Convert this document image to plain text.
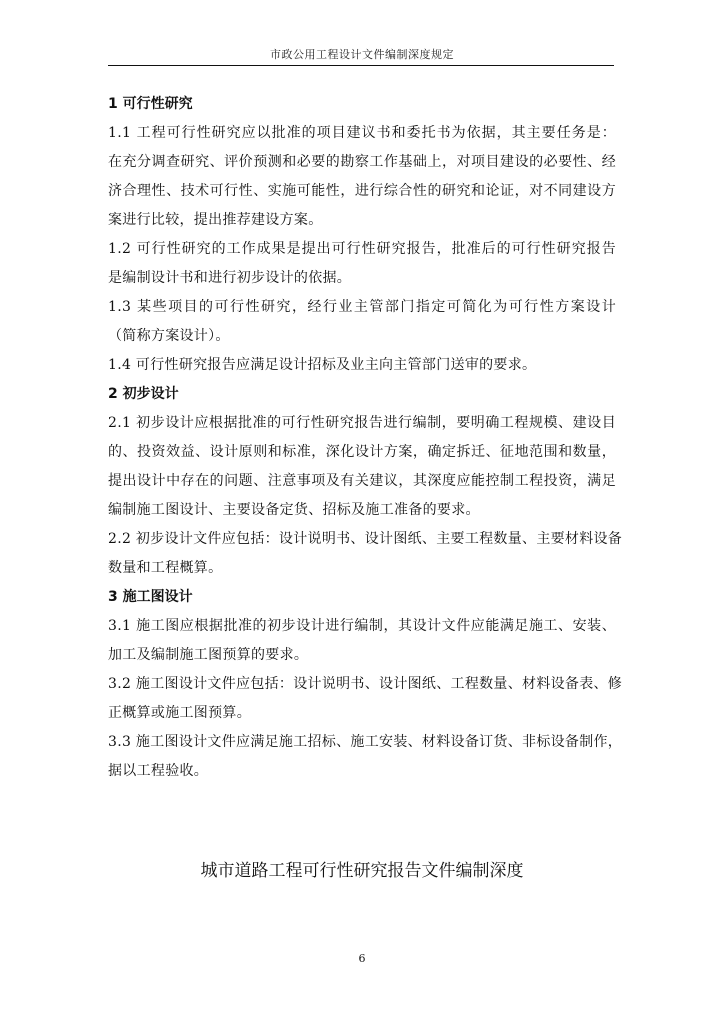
市政公用工程设计文件编制深度规定
1 可行性研究
1.1 工程可行性研究应以批准的项目建议书和委托书为依据，其主要任务是：
在充分调查研究、评价预测和必要的勘察工作基础上，对项目建设的必要性、经
济合理性、技术可行性、实施可能性，进行综合性的研究和论证，对不同建设方
案进行比较，提出推荐建设方案。
1.2 可行性研究的工作成果是提出可行性研究报告，批准后的可行性研究报告
是编制设计书和进行初步设计的依据。
1.3 某些项目的可行性研究，经行业主管部门指定可简化为可行性方案设计
（简称方案设计）。
1.4 可行性研究报告应满足设计招标及业主向主管部门送审的要求。
2 初步设计
2.1 初步设计应根据批准的可行性研究报告进行编制，要明确工程规模、建设目
的、投资效益、设计原则和标准，深化设计方案，确定拆迁、征地范围和数量，
提出设计中存在的问题、注意事项及有关建议，其深度应能控制工程投资，满足
编制施工图设计、主要设备定货、招标及施工准备的要求。
2.2 初步设计文件应包括：设计说明书、设计图纸、主要工程数量、主要材料设备
数量和工程概算。
3 施工图设计
3.1 施工图应根据批准的初步设计进行编制，其设计文件应能满足施工、安装、
加工及编制施工图预算的要求。
3.2 施工图设计文件应包括：设计说明书、设计图纸、工程数量、材料设备表、修
正概算或施工图预算。
3.3 施工图设计文件应满足施工招标、施工安装、材料设备订货、非标设备制作，
据以工程验收。
城市道路工程可行性研究报告文件编制深度
6
